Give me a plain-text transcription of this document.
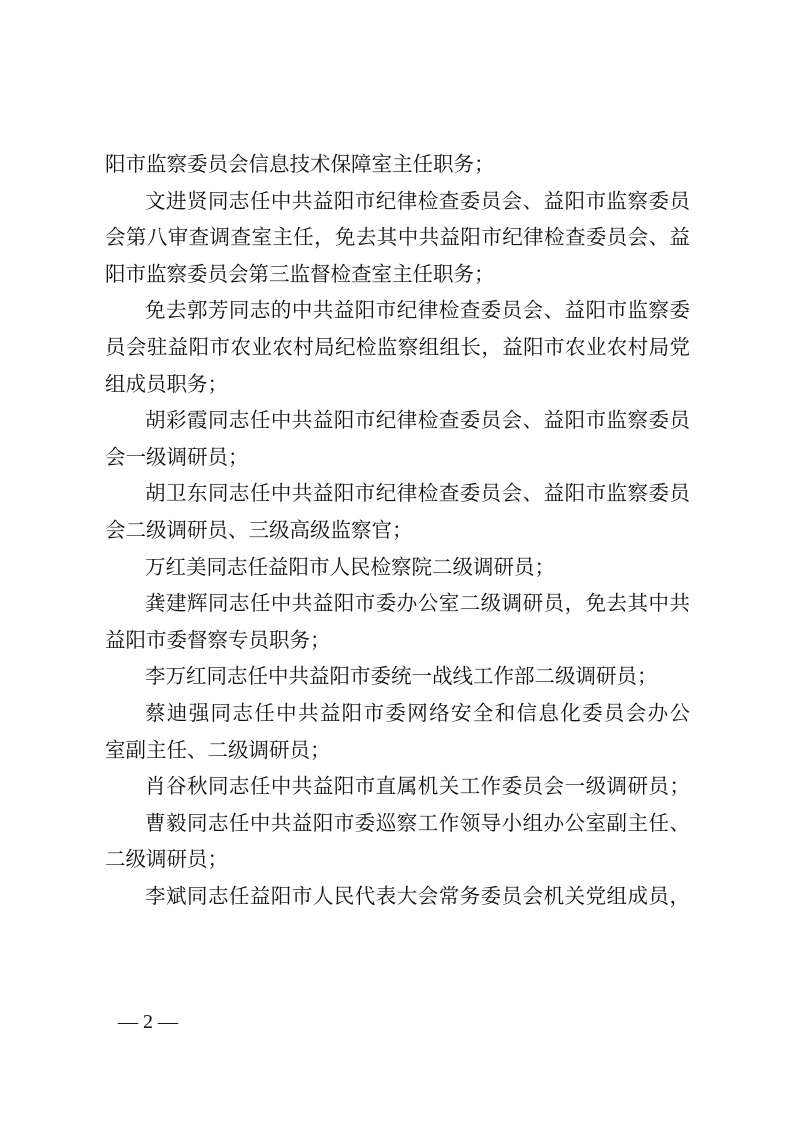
阳市监察委员会信息技术保障室主任职务；
文进贤同志任中共益阳市纪律检查委员会、益阳市监察委员
会第八审查调查室主任，免去其中共益阳市纪律检查委员会、益
阳市监察委员会第三监督检查室主任职务；
免去郭芳同志的中共益阳市纪律检查委员会、益阳市监察委
员会驻益阳市农业农村局纪检监察组组长，益阳市农业农村局党
组成员职务；
胡彩霞同志任中共益阳市纪律检查委员会、益阳市监察委员
会一级调研员；
胡卫东同志任中共益阳市纪律检查委员会、益阳市监察委员
会二级调研员、三级高级监察官；
万红美同志任益阳市人民检察院二级调研员；
龚建辉同志任中共益阳市委办公室二级调研员，免去其中共
益阳市委督察专员职务；
李万红同志任中共益阳市委统一战线工作部二级调研员；
蔡迪强同志任中共益阳市委网络安全和信息化委员会办公
室副主任、二级调研员；
肖谷秋同志任中共益阳市直属机关工作委员会一级调研员；
曹毅同志任中共益阳市委巡察工作领导小组办公室副主任、
二级调研员；
李斌同志任益阳市人民代表大会常务委员会机关党组成员，
— 2 —
